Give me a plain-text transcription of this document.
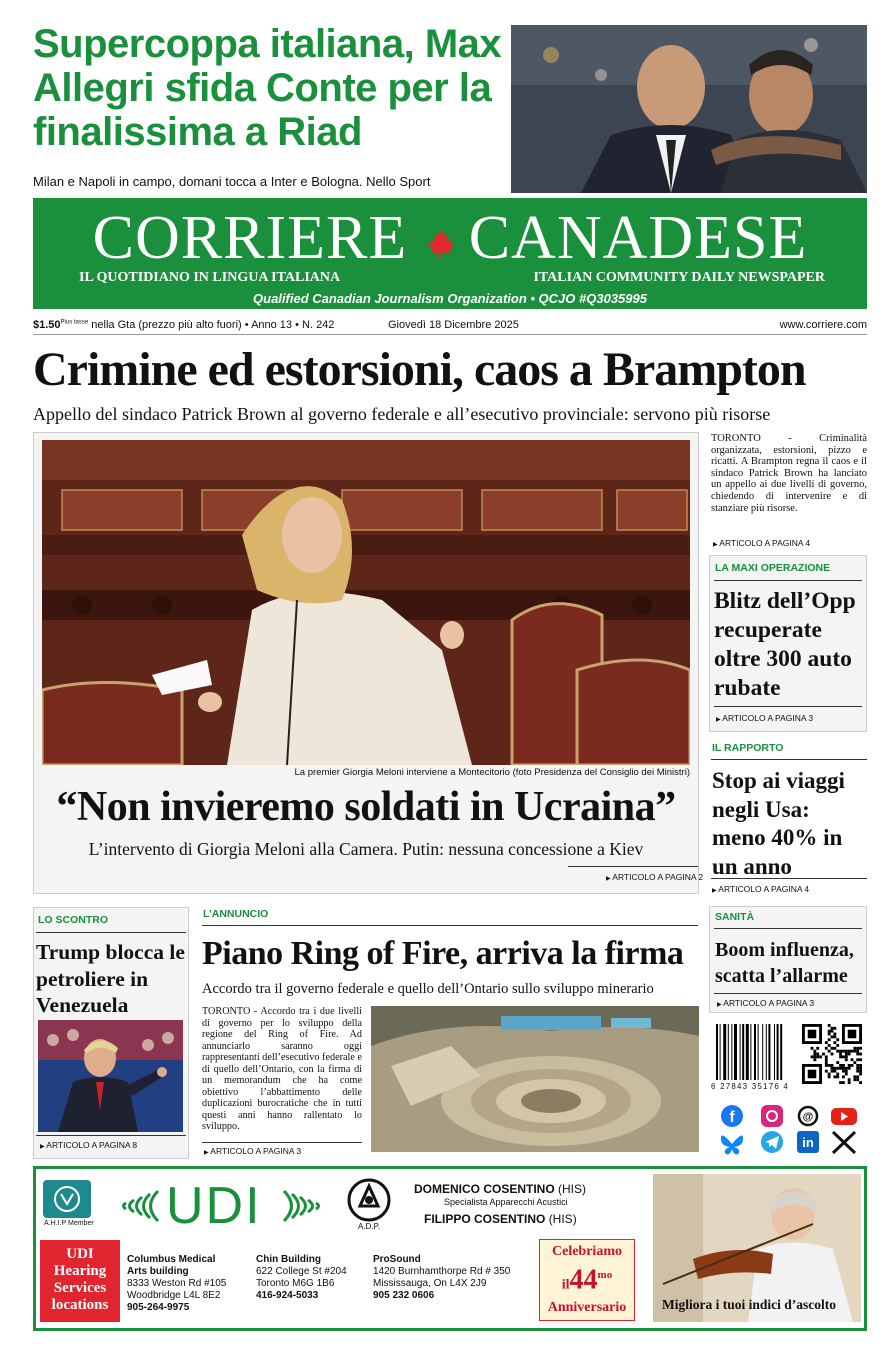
Supercoppa italiana, Max Allegri sfida Conte per la finalissima a Riad
Milan e Napoli in campo, domani tocca a Inter e Bologna. Nello Sport
CORRIERE CANADESE
IL QUOTIDIANO IN LINGUA ITALIANA	ITALIAN COMMUNITY DAILY NEWSPAPER
Qualified Canadian Journalism Organization • QCJO #Q3035995
$\$1.50^{Plus tasse}$ nella Gta (prezzo più alto fuori) • Anno 13 • N. 242	Giovedì 18 Dicembre 2025	www.corriere.com
Crimine ed estorsioni, caos a Brampton
Appello del sindaco Patrick Brown al governo federale e all’esecutivo provinciale: servono più risorse
La premier Giorgia Meloni interviene a Montecitorio (foto Presidenza del Consiglio dei Ministri)
“Non invieremo soldati in Ucraina”
L’intervento di Giorgia Meloni alla Camera. Putin: nessuna concessione a Kiev
▶ ARTICOLO A PAGINA 2
TORONTO - Criminalità organizzata, estorsioni, pizzo e ricatti. A Brampton regna il caos e il sindaco Patrick Brown ha lanciato un appello ai due livelli di governo, chiedendo di intervenire e di stanziare più risorse.
▶ ARTICOLO A PAGINA 4
LA MAXI OPERAZIONE
Blitz dell’Opp recuperate oltre 300 auto rubate
▶ ARTICOLO A PAGINA 3
IL RAPPORTO
Stop ai viaggi negli Usa: meno 40% in un anno
▶ ARTICOLO A PAGINA 4
SANITÀ
Boom influenza, scatta l’allarme
▶ ARTICOLO A PAGINA 3
LO SCONTRO
Trump blocca le petroliere in Venezuela
▶ ARTICOLO A PAGINA 8
L’ANNUNCIO
Piano Ring of Fire, arriva la firma
Accordo tra il governo federale e quello dell’Ontario sullo sviluppo minerario
TORONTO - Accordo tra i due livelli di governo per lo sviluppo della regione del Ring of Fire. Ad annunciarlo saranno oggi rappresentanti dell’esecutivo federale e di quello dell’Ontario, con la firma di un memorandum che ha come obiettivo l’abbattimento delle duplicazioni burocratiche che in tutti questi anni hanno rallentato lo sviluppo.
▶ ARTICOLO A PAGINA 3
6 27843 35176 4
f	@
in
A.H.I.P Member UDI	A.D.P.
DOMENICO COSENTINO (HIS)
Specialista Apparecchi Acustici
FILIPPO COSENTINO (HIS)
UDI Hearing Services locations
Columbus Medical
Arts building
8333 Weston Rd #105
Woodbridge L4L 8E2
905-264-9975
Chin Building
622 College St #204
Toronto M6G 1B6
416-924-5033
ProSound
1420 Burnhamthorpe Rd # 350
Mississauga, On L4X 2J9
905 232 0606
Celebriamo
$il44^{mo}$
Anniversario	Migliora i tuoi indici d’ascolto
